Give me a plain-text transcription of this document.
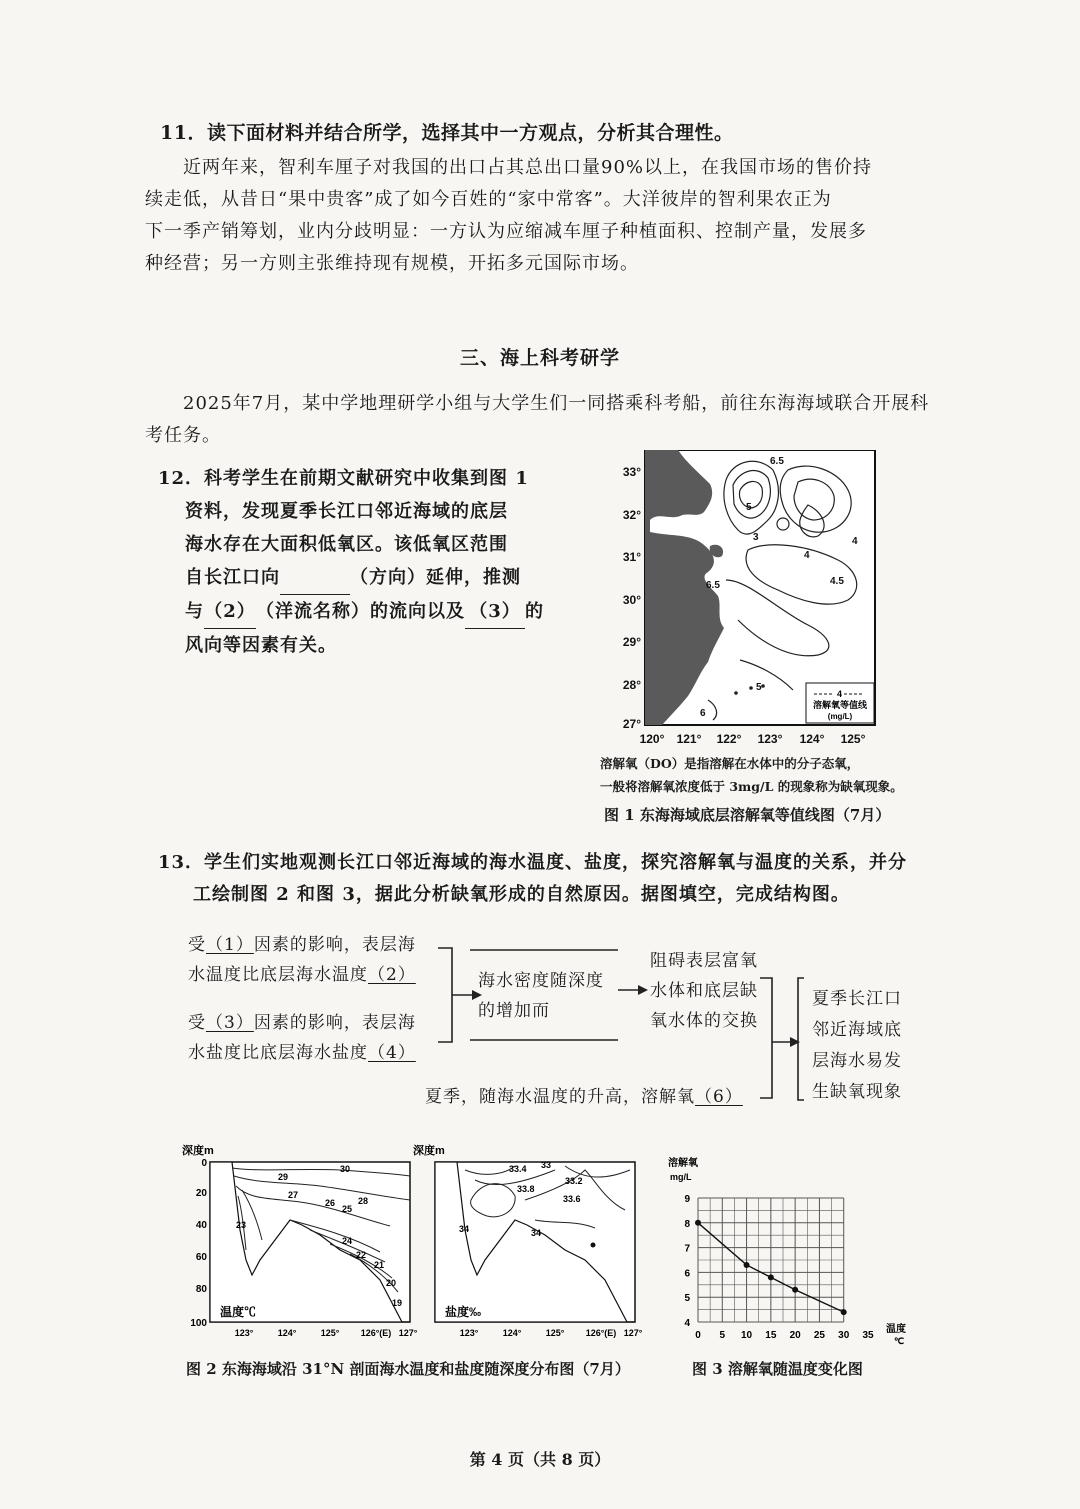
11．读下面材料并结合所学，选择其中一方观点，分析其合理性。
近两年来，智利车厘子对我国的出口占其总出口量90%以上，在我国市场的售价持
续走低，从昔日“果中贵客”成了如今百姓的“家中常客”。大洋彼岸的智利果农正为
下一季产销筹划，业内分歧明显：一方认为应缩减车厘子种植面积、控制产量，发展多
种经营；另一方则主张维持现有规模，开拓多元国际市场。
三、海上科考研学
2025年7月，某中学地理研学小组与大学生们一同搭乘科考船，前往东海海域联合开展科
考任务。
12．科考学生在前期文献研究中收集到图 1
资料，发现夏季长江口邻近海域的底层
海水存在大面积低氧区。该低氧区范围
自长江口向	（方向）延伸，推测
与（2）（洋流名称）的流向以及 （3） 的
风向等因素有关。
6.5
5
4
3
4
4.5
6.5
6
5
33°
32°
31°
30°
29°
28°
27°
120° 121° 122° 123° 124° 125°
4
溶解氧等值线
(mg/L)
溶解氧（DO）是指溶解在水体中的分子态氧，
一般将溶解氧浓度低于 3mg/L 的现象称为缺氧现象。
图 1 东海海域底层溶解氧等值线图（7月）
13．学生们实地观测长江口邻近海域的海水温度、盐度，探究溶解氧与温度的关系，并分
工绘制图 2 和图 3，据此分析缺氧形成的自然原因。据图填空，完成结构图。
受（1）因素的影响，表层海
水温度比底层海水温度（2）
受（3）因素的影响，表层海
水盐度比底层海水盐度（4）
海水密度随深度
的增加而
阻碍表层富氧
水体和底层缺
氧水体的交换
夏季长江口
邻近海域底
层海水易发
生缺氧现象
夏季，随海水温度的升高，溶解氧（6）
深度m
0
20
40
60
80
100
29
30
27
28
25
26
23
24
22
21
20
19
温度℃
123°	124°	125° 126°(E) 127°
深度m
33.4 33
33.2
33.8
34
33.6
34
盐度‰
123°	124°	125° 126°(E) 127°
图 2 东海海域沿 31°N 剖面海水温度和盐度随深度分布图（7月）
溶解氧
mg/L
温度
℃
4
5
6
7
8
9
0 5 10 15 20 25 30 35
图 3 溶解氧随温度变化图
第 4 页（共 8 页）
